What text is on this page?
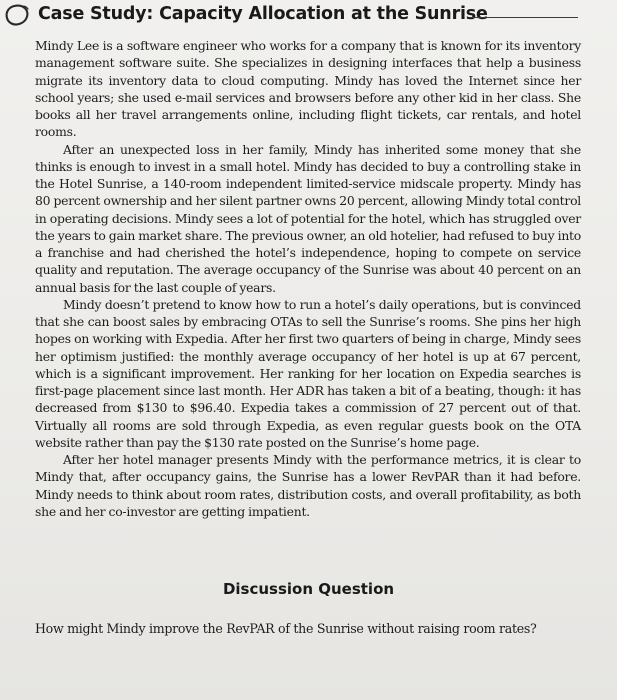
Case Study: Capacity Allocation at the Sunrise

Mindy Lee is a software engineer who works for a company that is known for its inventory management software suite. She specializes in designing interfaces that help a business migrate its inventory data to cloud computing. Mindy has loved the Internet since her school years; she used e-mail services and browsers before any other kid in her class. She books all her travel arrangements online, including flight tickets, car rentals, and hotel rooms.

After an unexpected loss in her family, Mindy has inherited some money that she thinks is enough to invest in a small hotel. Mindy has decided to buy a controlling stake in the Hotel Sunrise, a 140-room independent limited-service midscale property. Mindy has 80 percent ownership and her silent partner owns 20 percent, allowing Mindy total control in operating decisions. Mindy sees a lot of potential for the hotel, which has struggled over the years to gain market share. The previous owner, an old hotelier, had refused to buy into a franchise and had cherished the hotel’s independence, hoping to compete on service quality and reputation. The average occupancy of the Sunrise was about 40 percent on an annual basis for the last couple of years.

Mindy doesn’t pretend to know how to run a hotel’s daily operations, but is convinced that she can boost sales by embracing OTAs to sell the Sunrise’s rooms. She pins her high hopes on working with Expedia. After her first two quarters of being in charge, Mindy sees her optimism justified: the monthly average occupancy of her hotel is up at 67 percent, which is a significant improvement. Her ranking for her location on Expedia searches is first-page placement since last month. Her ADR has taken a bit of a beating, though: it has decreased from $130 to $96.40. Expedia takes a commission of 27 percent out of that. Virtually all rooms are sold through Expedia, as even regular guests book on the OTA website rather than pay the $130 rate posted on the Sunrise’s home page.

After her hotel manager presents Mindy with the performance metrics, it is clear to Mindy that, after occupancy gains, the Sunrise has a lower RevPAR than it had before. Mindy needs to think about room rates, distribution costs, and overall profitability, as both she and her co-investor are getting impatient.

Discussion Question
How might Mindy improve the RevPAR of the Sunrise without raising room rates?
